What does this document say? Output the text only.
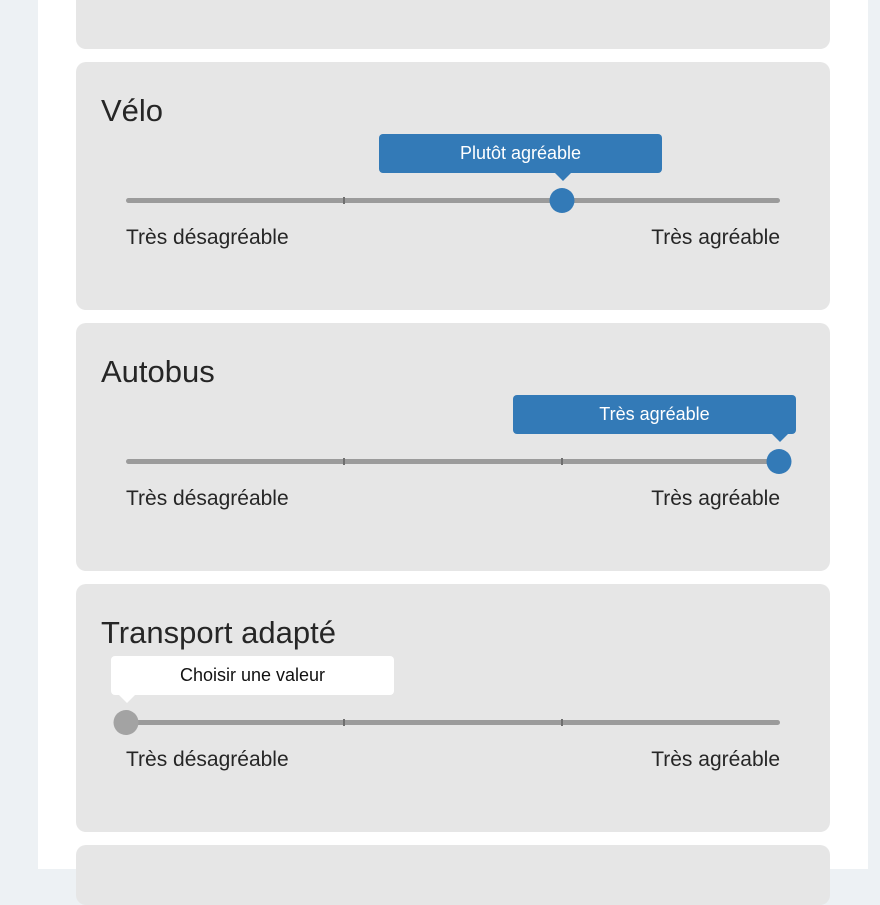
Vélo
Plutôt agréable
Très désagréable	Très agréable
Autobus
Très agréable
Très désagréable	Très agréable
Transport adapté
Choisir une valeur
Très désagréable	Très agréable
